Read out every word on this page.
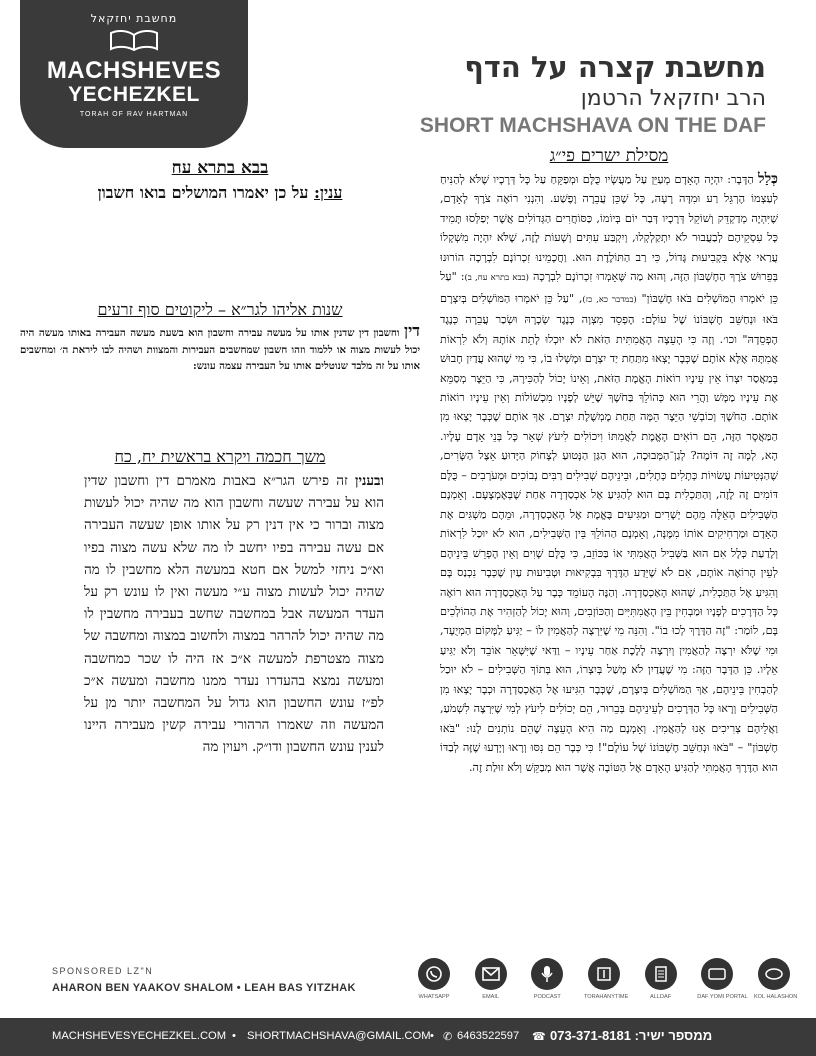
מחשבת יחזקאל
MACHSHEVES
YECHEZKEL
TORAH OF RAV HARTMAN
מחשבת קצרה על הדף
הרב יחזקאל הרטמן
SHORT MACHSHAVA ON THE DAF
בבא בתרא עח
ענין: על כן יאמרו המושלים בואו חשבון
שנות אליהו לגר״א – ליקוטים סוף זרעים
דין וחשבון דין שדנין אותו על מעשה עבירה וחשבון הוא בשעת מעשה העבירה באותו מעשה היה יכול לעשות מצוה או ללמוד וזהו חשבון שמחשבים העבירות והמצוות ושהיה לבו ליראת ה׳ ומחשבים אותו על זה מלבד שנוטלים אותו על העבירה עצמה עונש:
משך חכמה ויקרא בראשית יח, כח
ובענין זה פירש הגר״א באבות מאמרם דין וחשבון שדין הוא על עבירה שעשה וחשבון הוא מה שהיה יכול לעשות מצוה וברור כי אין דנין רק על אותו אופן שעשה העבירה אם עשה עבירה בפיו יחשב לו מה שלא עשה מצוה בפיו וא״כ ניחזי למשל אם חטא במעשה הלא מחשבין לו מה שהיה יכול לעשות מצוה ע״י מעשה ואין לו עונש רק על העדר המעשה אבל במחשבה שחשב בעבירה מחשבין לו מה שהיה יכול להרהר במצוה ולחשוב במצוה ומחשבה של מצוה מצטרפת למעשה א״כ אז היה לו שכר כמחשבה ומעשה נמצא בהעדרו נעדר ממנו מחשבה ומעשה א״כ לפ״ז עונש החשבון הוא גדול על המחשבה יותר מן על המעשה וזה שאמרו הרהורי עבירה קשין מעבירה היינו לענין עונש החשבון ודו״ק. ויעוין מה
מסילת ישרים פי״ג
כְּלַל הַדָּבָר: יִהְיֶה הָאָדָם מְעַיֵּן עַל מַעֲשָׂיו כֻּלָּם וּמְפַקֵּחַ עַל כָּל דְּרָכָיו שֶׁלֹּא לְהַנִּיחַ לְעַצְמוֹ הֶרְגֵּל רַע וּמִדָּה רָעָה, כָּל שֶׁכֵּן עֲבֵרָה וָפֶשַׁע. וְהִנְנִי רוֹאֶה צֹרֶךְ לָאָדָם, שֶׁיִּהְיֶה מְדַקְדֵּק וְשׁוֹקֵל דְּרָכָיו דְּבַר יוֹם בְּיוֹמוֹ, כַּסּוֹחֲרִים הַגְּדוֹלִים אֲשֶׁר יְפַלְּסוּ תָּמִיד כָּל עִסְקֵיהֶם לְבַעֲבוּר לֹא יִתְקַלְקְלוּ, וְיִקְבַּע עִתִּים וְשָׁעוֹת לָזֶה, שֶׁלֹּא יִהְיֶה מִשְׁקָלוֹ עֲרַאי אֶלָּא בִּקְבִיעוּת גָּדוֹל, כִּי רַב הַתּוֹלֶדֶת הוּא. וַחֲכָמֵינוּ זִכְרוֹנָם לִבְרָכָה הוֹרוּנוּ בְּפֵרוּשׁ צֹרֶךְ הַחֶשְׁבּוֹן הַזֶּה, וְהוּא מַה שֶּׁאָמְרוּ זִכְרוֹנָם לִבְרָכָה (בבא בתרא עח, ב): "עַל כֵּן יֹאמְרוּ הַמּוֹשְׁלִים בֹּאוּ חֶשְׁבּוֹן" (במדבר כא, כז), "עַל כֵּן יֹאמְרוּ הַמּוֹשְׁלִים בְּיִצְרָם בֹּאוּ וּנְחַשֵּׁב חֶשְׁבּוֹנוֹ שֶׁל עוֹלָם: הֶפְסֵד מִצְוָה כְּנֶגֶד שְׂכָרָהּ וּשְׂכַר עֲבֵרָה כְּנֶגֶד הֶפְסֵדָהּ" וכו׳. וְזֶה כִּי הָעֵצָה הָאֲמִתִּית הַזֹּאת לֹא יוּכְלוּ לָתֵת אוֹתָהּ וְלֹא לִרְאוֹת אֲמִתָּהּ אֶלָּא אוֹתָם שֶׁכְּבָר יָצְאוּ מִתַּחַת יַד יִצְרָם וּמָשְׁלוּ בוֹ, כִּי מִי שֶׁהוּא עֲדַיִן חָבוּשׁ בְּמַאֲסַר יִצְרוֹ אֵין עֵינָיו רוֹאוֹת הָאֱמֶת הַזֹּאת, וְאֵינוֹ יָכוֹל לְהַכִּירָהּ, כִּי הַיֵּצֶר מְסַמֵּא אֶת עֵינָיו מַמָּשׁ וַהֲרֵי הוּא כְּהוֹלֵךְ בַּחֹשֶׁךְ שֶׁיֵּשׁ לְפָנָיו מִכְשׁוֹלוֹת וְאֵין עֵינָיו רוֹאוֹת אוֹתָם. הַחֹשֶׁךְ וְכוֹבְשֵׁי הַיֵּצֶר הֵמָּה תַּחַת מֶמְשֶׁלֶת יִצְרָם. אַךְ אוֹתָם שֶׁכְּבָר יָצְאוּ מִן הַמַּאֲסָר הַזֶּה, הֵם רוֹאִים הָאֱמֶת לַאֲמִתּוֹ וִיכוֹלִים לִיעֹץ שְׁאָר כָּל בְּנֵי אָדָם עָלָיו. הָא, לְמָה זֶה דּוֹמֶה? לְגַן־הַמְּבוּכָה, הוּא הַגַּן הַנָּטוּעַ לְצָחוֹק הַיָּדוּעַ אֵצֶל הַשָּׂרִים, שֶׁהַנְּטִיעוֹת עֲשׂוּיוֹת כְּתָלִים כְּתָלִים, וּבֵינֵיהֶם שְׁבִילִים רַבִּים נְבוֹכִים וּמְעֹרָבִים – כֻּלָּם דּוֹמִים זֶה לָזֶה, וְהַתַּכְלִית בָּם הוּא לְהַגִּיעַ אֶל אַכְסַדְרָה אַחַת שֶׁבְּאֶמְצָעָם. וְאָמְנָם הַשְּׁבִילִים הָאֵלֶּה מֵהֶם יְשָׁרִים וּמַגִּיעִים בֶּאֱמֶת אֶל הָאַכְסַדְרָה, וּמֵהֶם מַשְׁגִּים אֶת הָאָדָם וּמַרְחִיקִים אוֹתוֹ מִמֶּנָּה, וְאָמְנָם הַהוֹלֵךְ בֵּין הַשְּׁבִילִים, הוּא לֹא יוּכַל לִרְאוֹת וְלָדַעַת כְּלָל אִם הוּא בַּשְּׁבִיל הָאֲמִתִּי אוֹ בַּכּוֹזֵב, כִּי כֻּלָּם שָׁוִים וְאֵין הֶפְרֵשׁ בֵּינֵיהֶם לְעֵין הָרוֹאֶה אוֹתָם, אִם לֹא שֶׁיֵּדַע הַדֶּרֶךְ בִּבְקִיאוּת וּטְבִיעוּת עַיִן שֶׁכְּבָר נִכְנַס בָּם וְהִגִּיעַ אֶל הַתַּכְלִית, שֶׁהוּא הָאַכְסַדְרָה. וְהַנֶּה הָעוֹמֵד כְּבָר עַל הָאַכְסַדְרָה הוּא רוֹאֶה כָּל הַדְּרָכִים לְפָנָיו וּמַבְחִין בֵּין הָאֲמִתִּיִּים וְהַכּוֹזְבִים, וְהוּא יָכוֹל לְהַזְהִיר אֶת הַהוֹלְכִים בָּם, לוֹמַר: "זֶה הַדֶּרֶךְ לְכוּ בוֹ". וְהִנֵּה מִי שֶׁיִּרְצֶה לְהַאֲמִין לוֹ – יַגִּיעַ לַמָּקוֹם הַמְיֻעָד, וּמִי שֶׁלֹּא יִרְצֶה לְהַאֲמִין וְיִרְצֶה לָלֶכֶת אַחַר עֵינָיו – וַדַּאי שֶׁיִּשָּׁאֵר אוֹבֵד וְלֹא יַגִּיעַ אֵלָיו. כֵּן הַדָּבָר הַזֶּה: מִי שֶׁעֲדַיִן לֹא מָשַׁל בְּיִצְרוֹ, הוּא בְּתוֹךְ הַשְּׁבִילִים – לֹא יוּכַל לְהַבְחִין בֵּינֵיהֶם, אַךְ הַמּוֹשְׁלִים בְּיִצְרָם, שֶׁכְּבָר הִגִּיעוּ אֶל הָאַכְסַדְרָה וּכְבָר יָצְאוּ מִן הַשְּׁבִילִים וְרָאוּ כָּל הַדְּרָכִים לְעֵינֵיהֶם בְּבֵרוּר, הֵם יְכוֹלִים לִיעֹץ לְמִי שֶׁיִּרְצֶה לִשְׁמֹעַ, וַאֲלֵיהֶם צְרִיכִים אָנוּ לְהַאֲמִין. וְאָמְנָם מַה הִיא הָעֵצָה שֶׁהֵם נוֹתְנִים לָנוּ: "בֹּאוּ חֶשְׁבּוֹן" – "בֹּאוּ וּנְחַשֵּׁב חֶשְׁבּוֹנוֹ שֶׁל עוֹלָם"! כִּי כְּבָר הֵם נִסּוּ וְרָאוּ וְיָדְעוּ שֶׁזֶּה לְבַדּוֹ הוּא הַדֶּרֶךְ הָאֲמִתִּי לְהַגִּיעַ הָאָדָם אֶל הַטּוֹבָה אֲשֶׁר הוּא מְבַקֵּשׁ וְלֹא זוּלַת זֶה.
SPONSORED LZ"N
AHARON BEN YAAKOV SHALOM • LEAH BAS YITZHAK
WHATSAPP	EMAIL	PODCAST	TORAHANYTIME	ALLDAF	DAF YOMI PORTAL KOL HALASHON
MACHSHEVESYECHEZKEL.COM • SHORTMACHSHAVA@GMAIL.COM • ✆ 6463522597 ☎	ממספר ישיר: 073-371-8181
